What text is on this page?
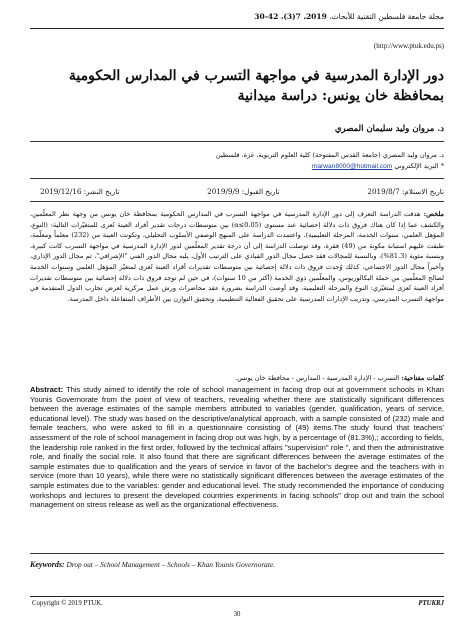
مجلة جامعة فلسطين التقنية للأبحاث، 2019، 7(3)، 42-30
(http://www.ptuk.edu.ps)
دور الإدارة المدرسية في مواجهة التسرب في المدارس الحكومية بمحافظة خان يونس: دراسة ميدانية
د. مروان وليد سليمان المصري
د. مروان وليد المصري (جامعة القدس المفتوحة) كلية العلوم التربوية، غزة، فلسطين
* البريد الإلكتروني marwan8000@hotmail.com
تاريخ الاستلام: 2019/8/7
تاريخ القبول: 2019/9/9
تاريخ النشر: 2019/12/16
ملخص: هدفت الدراسة التعرف إلى دور الإدارة المدرسية في مواجهة التسرب في المدارس الحكومية بمحافظة خان يونس من وجهة نظر المعلّمين، والكشف عما إذا كان هناك فروق ذات دلالة إحصائية عند مستوى (0.05≥α) بين متوسطات درجات تقدير أفراد العينة تُعزى للمتغيّرات التالية: (النوع، المؤهل العلمي، سنوات الخدمة، المرحلة التعليمية)، واعتمدت الدراسة على المنهج الوصفي الأسلوب التحليلي، وتكونت العينة من (232) معلماً ومعلّمة، طبقت عليهم استبانة مكونة من (49) فقرة، وقد توصلت الدراسة إلى أن درجة تقدير المعلّمين لدور الإدارة المدرسية في مواجهة التسرب كانت كبيرة، وبنسبة مئوية (81.3%)، وبالنسبة للمجالات فقد حصل مجال الدور القيادي على الترتيب الأول، يليه مجال الدور الفني "الإشرافي"، ثم مجال الدور الإداري، وأخيراً مجال الدور الاجتماعي، كذلك وُجدت فروق ذات دلالة إحصائية بين متوسطات تقديرات أفراد العينة تُعزى لمتغيّر المؤهل العلمي وسنوات الخدمة لصالح المعلّمين من حملة البكالوريوس، والمعلّمين ذوي الخدمة (أكثر من 10 سنوات)، في حين لم توجد فروق ذات دلالة إحصائية بين متوسطات تقديرات أفراد العينة تُعزى لمتغيّري: النوع والمرحلة التعليمية، وقد أوصت الدراسة بضرورة عقد محاضرات ورش عمل مركزية لعرض تجارب الدول المتقدمة في مواجهة التسرب المدرسي، وتدريب الإدارات المدرسية على تحقيق الفعالية التنظيمية، وتحقيق التوازن بين الأطراف المتفاعلة داخل المدرسة.
كلمات مفتاحية: التسرب - الإدارة المدرسية - المدارس - محافظة خان يونس.
Abstract: This study aimed to identify the role of school management in facing drop out at government schools in Khan Younis Governorate from the point of view of teachers, revealing whether there are statistically significant differences between the average estimates of the sample members attributed to variables (gender, qualification, years of service, educational level). The study was based on the descriptive/analytical approach, with a sample consisted of (232) male and female teachers, who were asked to fill in a questionnaire consisting of (49) items.The study found that teachers' assessment of the role of school management in facing drop out was high, by a percentage of (81.3%),; according to fields, the leadership role ranked in the first order, followed by the technical affairs "supervision" role ", and then the administrative role, and finally the social role. It also found that there are significant differences between the average estimates of the sample estimates due to qualification and the years of service in favor of the bachelor's degree and the teachers with in service (more than 10 years), while there were no statistically significant differences between the average estimates of the sample estimates due to the variables: gender and educational level. The study recommended the importance of conducing workshops and lectures to present the developed countries experiments in facing schools" drop out and train the school management on stress release as well as the organizational effectiveness.
Keywords: Drop out – School Management – Schools – Khan Younis Governorate.
Copyright © 2019 PTUK.	PTUKRJ
30
